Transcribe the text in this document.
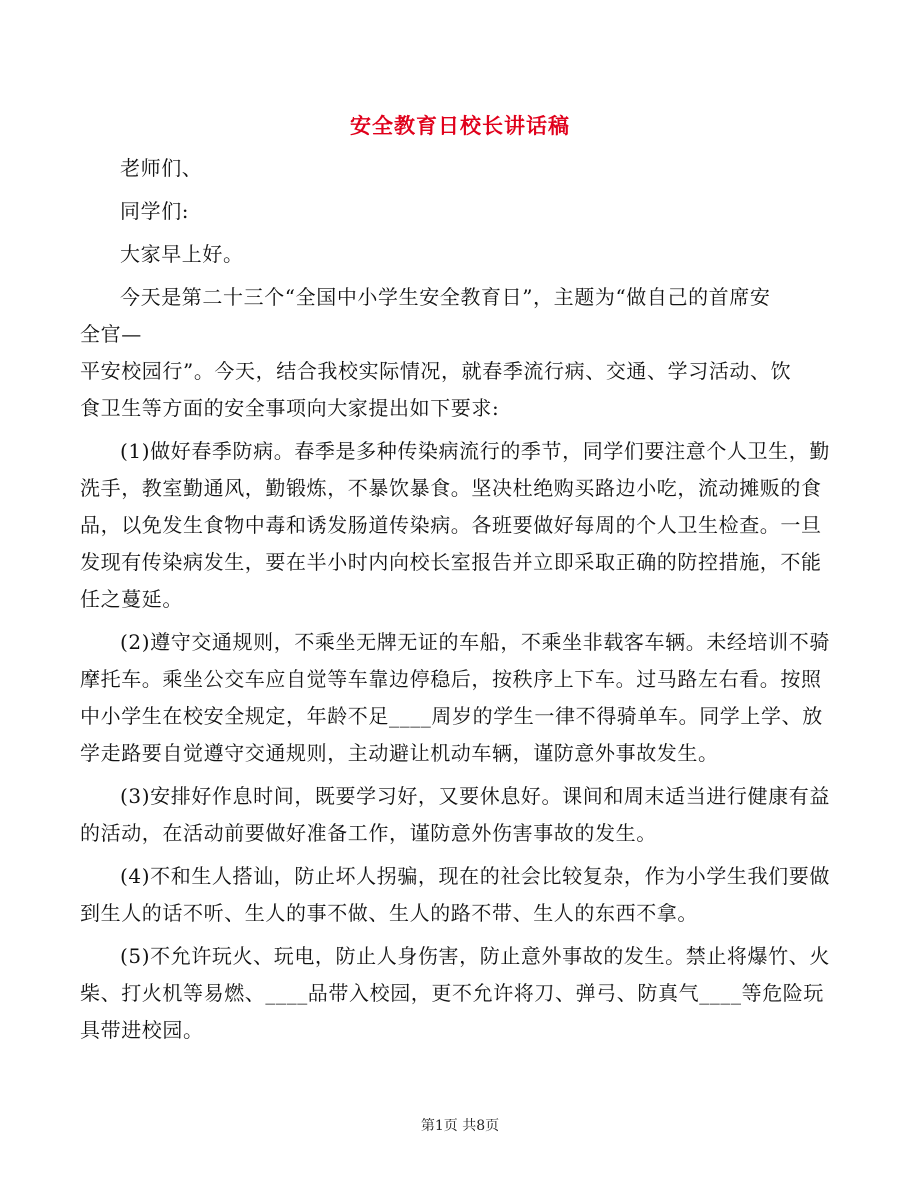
安全教育日校长讲话稿

老师们、

同学们:

大家早上好。

今天是第二十三个“全国中小学生安全教育日”，主题为“做自己的首席安
全官—
平安校园行”。今天，结合我校实际情况，就春季流行病、交通、学习活动、饮
食卫生等方面的安全事项向大家提出如下要求:

(1)做好春季防病。春季是多种传染病流行的季节，同学们要注意个人卫生，勤洗手，教室勤通风，勤锻炼，不暴饮暴食。坚决杜绝购买路边小吃，流动摊贩的食品，以免发生食物中毒和诱发肠道传染病。各班要做好每周的个人卫生检查。一旦发现有传染病发生，要在半小时内向校长室报告并立即采取正确的防控措施，不能任之蔓延。

(2)遵守交通规则，不乘坐无牌无证的车船，不乘坐非载客车辆。未经培训不骑摩托车。乘坐公交车应自觉等车靠边停稳后，按秩序上下车。过马路左右看。按照中小学生在校安全规定，年龄不足____周岁的学生一律不得骑单车。同学上学、放学走路要自觉遵守交通规则，主动避让机动车辆，谨防意外事故发生。

(3)安排好作息时间，既要学习好，又要休息好。课间和周末适当进行健康有益的活动，在活动前要做好准备工作，谨防意外伤害事故的发生。

(4)不和生人搭讪，防止坏人拐骗，现在的社会比较复杂，作为小学生我们要做到生人的话不听、生人的事不做、生人的路不带、生人的东西不拿。

(5)不允许玩火、玩电，防止人身伤害，防止意外事故的发生。禁止将爆竹、火柴、打火机等易燃、____品带入校园，更不允许将刀、弹弓、防真气____等危险玩具带进校园。

第1页 共8页
